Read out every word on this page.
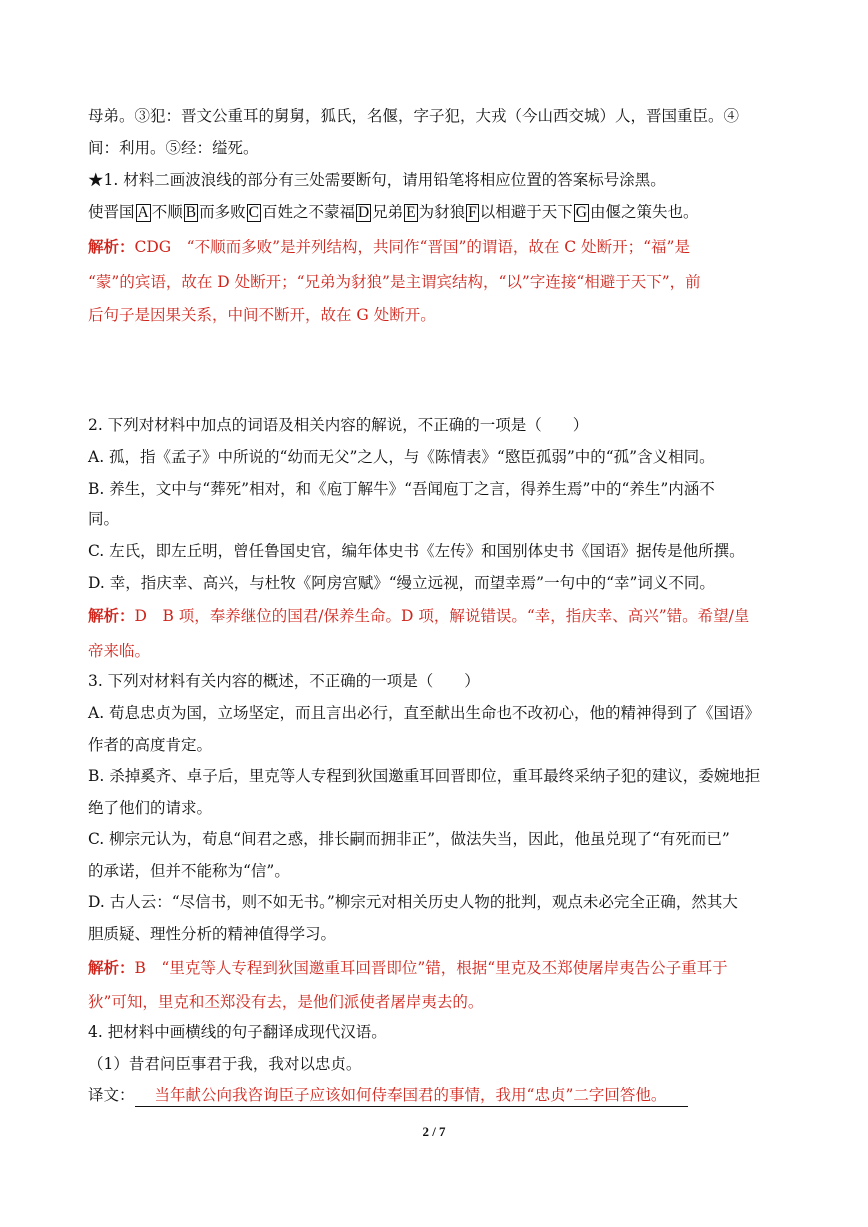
母弟。③犯：晋文公重耳的舅舅，狐氏，名偃，字子犯，大戎（今山西交城）人，晋国重臣。④
间：利用。⑤经：缢死。
★1. 材料二画波浪线的部分有三处需要断句，请用铅笔将相应位置的答案标号涂黑。
使晋国 A 不顺 B 而多败 C 百姓之不蒙福 D 兄弟 E 为豺狼 F 以相避于天下 G 由偃之策失也。
解析：CDG　“不顺而多败”是并列结构，共同作“晋国”的谓语，故在 C 处断开；“福”是
“蒙”的宾语，故在 D 处断开；“兄弟为豺狼”是主谓宾结构，“以”字连接“相避于天下”，前
后句子是因果关系，中间不断开，故在 G 处断开。
2. 下列对材料中加点的词语及相关内容的解说，不正确的一项是（　　）
A. 孤，指《孟子》中所说的“幼而无父”之人，与《陈情表》“愍臣孤弱”中的“孤”含义相同。
B. 养生，文中与“葬死”相对，和《庖丁解牛》“吾闻庖丁之言，得养生焉”中的“养生”内涵不
同。
C. 左氏，即左丘明，曾任鲁国史官，编年体史书《左传》和国别体史书《国语》据传是他所撰。
D. 幸，指庆幸、高兴，与杜牧《阿房宫赋》“缦立远视，而望幸焉”一句中的“幸”词义不同。
解析：D　B 项，奉养继位的国君/保养生命。D 项，解说错误。“幸，指庆幸、高兴”错。希望/皇
帝来临。
3. 下列对材料有关内容的概述，不正确的一项是（　　）
A. 荀息忠贞为国，立场坚定，而且言出必行，直至献出生命也不改初心，他的精神得到了《国语》
作者的高度肯定。
B. 杀掉奚齐、卓子后，里克等人专程到狄国邀重耳回晋即位，重耳最终采纳子犯的建议，委婉地拒
绝了他们的请求。
C. 柳宗元认为，荀息“间君之惑，排长嗣而拥非正”，做法失当，因此，他虽兑现了“有死而已”
的承诺，但并不能称为“信”。
D. 古人云：“尽信书，则不如无书。”柳宗元对相关历史人物的批判，观点未必完全正确，然其大
胆质疑、理性分析的精神值得学习。
解析：B　“里克等人专程到狄国邀重耳回晋即位”错，根据“里克及丕郑使屠岸夷告公子重耳于
狄”可知，里克和丕郑没有去，是他们派使者屠岸夷去的。
4. 把材料中画横线的句子翻译成现代汉语。
（1）昔君问臣事君于我，我对以忠贞。
译文： 当年献公向我咨询臣子应该如何侍奉国君的事情，我用“忠贞”二字回答他。
2 / 7
